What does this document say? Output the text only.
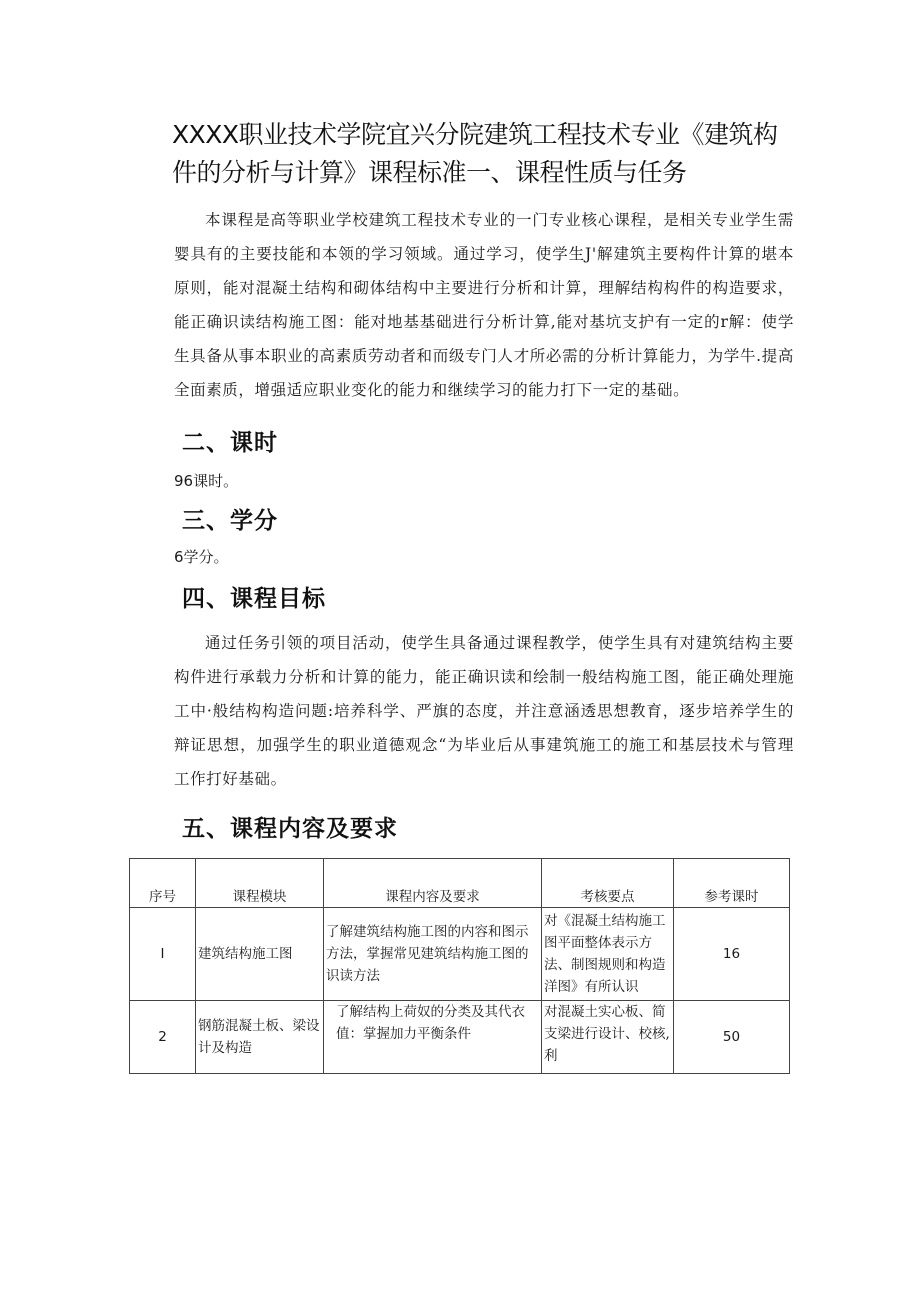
XXXX职业技术学院宜兴分院建筑工程技术专业《建筑构件的分析与计算》课程标准一、课程性质与任务

本课程是高等职业学校建筑工程技术专业的一门专业核心课程，是相关专业学生需婴具有的主要技能和本领的学习领域。通过学习，使学生J'解建筑主要构件计算的堪本原则，能对混凝土结构和砌体结构中主要进行分析和计算，理解结构构件的构造要求，能正确识读结构施工图：能对地基基础进行分析计算,能对基坑支护有一定的r解：使学生具备从事本职业的高素质劳动者和而级专门人才所必需的分析计算能力，为学牛.提高全面素质，增强适应职业变化的能力和继续学习的能力打下一定的基础。

二、课时

96课时。

三、学分

6学分。

四、课程目标

通过任务引领的项目活动，使学生具备通过课程教学，使学生具有对建筑结构主要构件进行承载力分析和计算的能力，能正确识读和绘制一般结构施工图，能正确处理施工中·般结构构造问题:培养科学、严旗的态度，并注意涵透思想教育，逐步培养学生的辩证思想，加强学生的职业道德观念“为毕业后从事建筑施工的施工和基层技术与管理工作打好基础。

五、课程内容及要求
序号	课程模块	课程内容及要求	考核要点	参考课时
I	建筑结构施工图	了解建筑结构施工图的内容和图示方法，掌握常见建筑结构施工图的识读方法	对《混凝土结构施工图平面整体表示方法、制图规则和构造洋图》有所认识	16
2	钢筋混凝土板、梁设计及构造	了解结构上荷奴的分类及其代衣值：掌握加力平衡条件	对混凝土实心板、简支梁进行设计、校核, 利	50
